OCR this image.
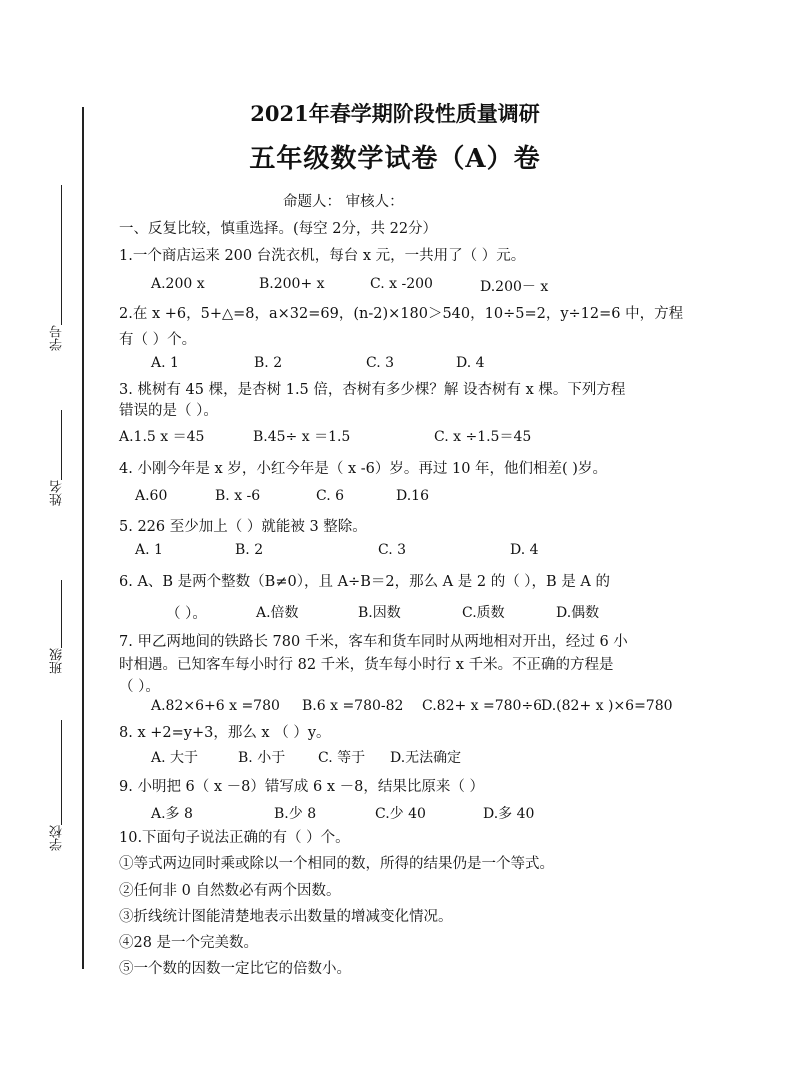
学号
姓名
班级
学校
2021年春学期阶段性质量调研
五年级数学试卷（A）卷
命题人： 审核人：
一、反复比较，慎重选择。(每空 2分，共 22分）
1.一个商店运来 200 台洗衣机，每台 x 元，一共用了（ ）元。
A.200 x	B.200+ x	C. x -200	D.200－ x
2.在 x +6，5+△=8，a×32=69，(n-2)×180＞540，10÷5=2，y÷12=6 中，方程
有（ ）个。
A. 1	B. 2	C. 3	D. 4
3. 桃树有 45 棵，是杏树 1.5 倍，杏树有多少棵？解 设杏树有 x 棵。下列方程
错误的是（ ）。
A.1.5 x ＝45	B.45÷ x ＝1.5	C. x ÷1.5＝45
4. 小刚今年是 x 岁，小红今年是（ x -6）岁。再过 10 年，他们相差( )岁。
A.60	B. x -6	C. 6	D.16
5. 226 至少加上（ ）就能被 3 整除。
A. 1	B. 2	C. 3	D. 4
6. A、B 是两个整数（B≠0），且 A÷B＝2，那么 A 是 2 的（ ），B 是 A 的
（ ）。	A.倍数	B.因数	C.质数	D.偶数
7. 甲乙两地间的铁路长 780 千米，客车和货车同时从两地相对开出，经过 6 小
时相遇。已知客车每小时行 82 千米，货车每小时行 x 千米。不正确的方程是
（ ）。
A.82×6+6 x =780 B.6 x =780-82 C.82+ x =780÷6
D.(82+ x )×6=780
8. x +2=y+3，那么 x （ ）y。
A. 大于	B. 小于 C. 等于 D.无法确定
9. 小明把 6（ x －8）错写成 6 x －8，结果比原来（ ）
A.多 8	B.少 8	C.少 40	D.多 40
10.下面句子说法正确的有（ ）个。
①等式两边同时乘或除以一个相同的数，所得的结果仍是一个等式。
②任何非 0 自然数必有两个因数。
③折线统计图能清楚地表示出数量的增减变化情况。
④28 是一个完美数。
⑤一个数的因数一定比它的倍数小。
